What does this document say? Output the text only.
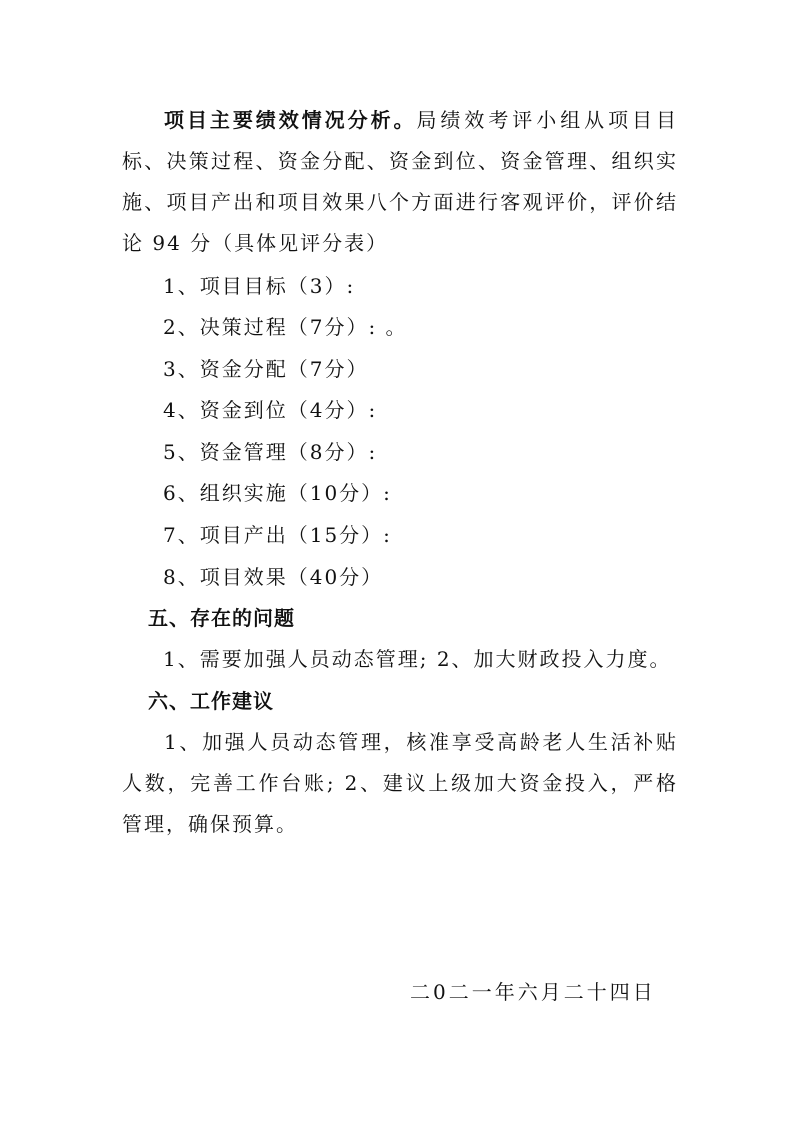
项目主要绩效情况分析。局绩效考评小组从项目目标、决策过程、资金分配、资金到位、资金管理、组织实施、项目产出和项目效果八个方面进行客观评价，评价结论 94 分（具体见评分表）

1、项目目标（3）:

2、决策过程（7分）: 。

3、资金分配（7分）

4、资金到位（4分）:

5、资金管理（8分）:

6、组织实施（10分）:

7、项目产出（15分）:

8、项目效果（40分）

五、存在的问题

1、需要加强人员动态管理; 2、加大财政投入力度。

六、工作建议

1、加强人员动态管理，核准享受高龄老人生活补贴人数，完善工作台账; 2、建议上级加大资金投入，严格管理，确保预算。

二0二一年六月二十四日
